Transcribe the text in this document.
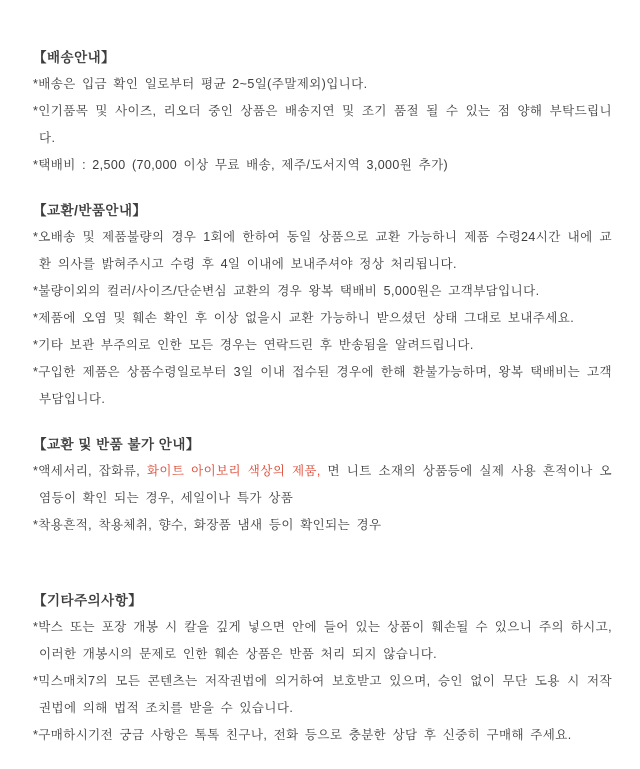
【배송안내】

*배송은 입금 확인 일로부터 평균 2~5일(주말제외)입니다.

*인기품목 및 사이즈, 리오더 중인 상품은 배송지연 및 조기 품절 될 수 있는 점 양해 부탁드립니다.

*택배비 : 2,500 (70,000 이상 무료 배송, 제주/도서지역 3,000원 추가)

【교환/반품안내】

*오배송 및 제품불량의 경우 1회에 한하여 동일 상품으로 교환 가능하니 제품 수령24시간 내에 교환 의사를 밝혀주시고 수령 후 4일 이내에 보내주셔야 정상 처리됩니다.

*불량이외의 컬러/사이즈/단순변심 교환의 경우 왕복 택배비 5,000원은 고객부담입니다.

*제품에 오염 및 훼손 확인 후 이상 없을시 교환 가능하니 받으셨던 상태 그대로 보내주세요.

*기타 보관 부주의로 인한 모든 경우는 연락드린 후 반송됨을 알려드립니다.

*구입한 제품은 상품수령일로부터 3일 이내 접수된 경우에 한해 환불가능하며, 왕복 택배비는 고객부담입니다.

【교환 및 반품 불가 안내】

*액세서리, 잡화류, 화이트 아이보리 색상의 제품, 면 니트 소재의 상품등에 실제 사용 흔적이나 오염등이 확인 되는 경우, 세일이나 특가 상품

*착용흔적, 착용체취, 향수, 화장품 냄새 등이 확인되는 경우

【기타주의사항】

*박스 또는 포장 개봉 시 칼을 깊게 넣으면 안에 들어 있는 상품이 훼손될 수 있으니 주의 하시고, 이러한 개봉시의 문제로 인한 훼손 상품은 반품 처리 되지 않습니다.

*믹스매치7의 모든 콘텐츠는 저작권법에 의거하여 보호받고 있으며, 승인 없이 무단 도용 시 저작권법에 의해 법적 조치를 받을 수 있습니다.

*구매하시기전 궁금 사항은 톡톡 친구나, 전화 등으로 충분한 상담 후 신중히 구매해 주세요.
